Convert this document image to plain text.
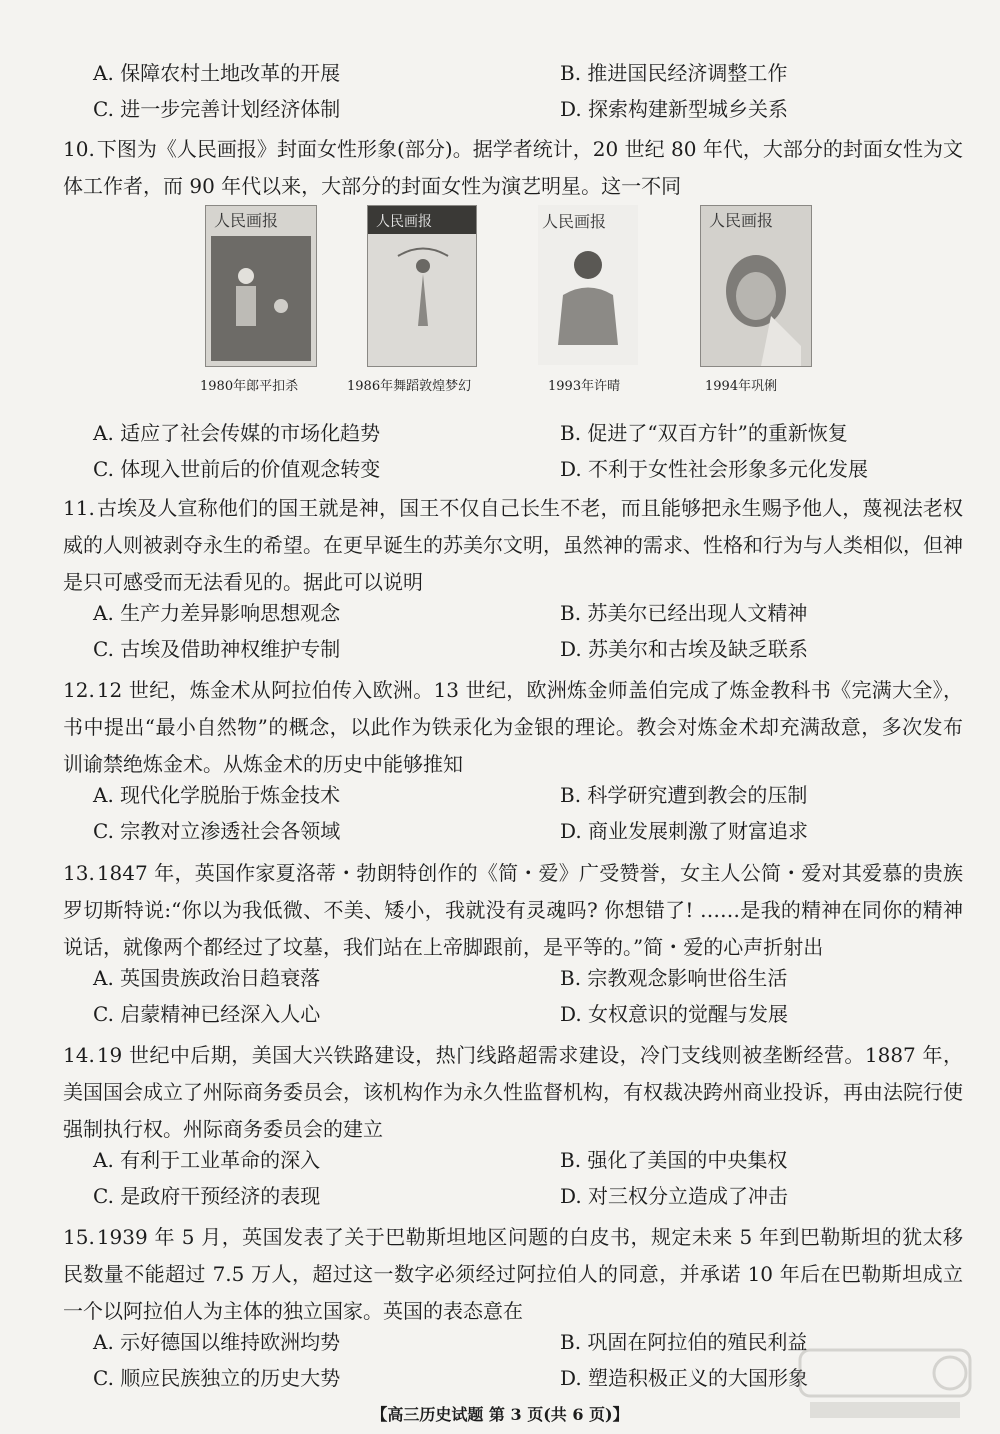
A. 保障农村土地改革的开展	B. 推进国民经济调整工作
C. 进一步完善计划经济体制	D. 探索构建新型城乡关系
10. 下图为《人民画报》封面女性形象(部分)。据学者统计，20 世纪 80 年代，大部分的封面女性为文体工作者，而 90 年代以来，大部分的封面女性为演艺明星。这一不同
人民画报
1980年郎平扣杀
人民画报
1986年舞蹈敦煌梦幻
人民画报
1993年许晴
人民画报
1994年巩俐
A. 适应了社会传媒的市场化趋势	B. 促进了“双百方针”的重新恢复
C. 体现入世前后的价值观念转变	D. 不利于女性社会形象多元化发展
11. 古埃及人宣称他们的国王就是神，国王不仅自己长生不老，而且能够把永生赐予他人，蔑视法老权威的人则被剥夺永生的希望。在更早诞生的苏美尔文明，虽然神的需求、性格和行为与人类相似，但神是只可感受而无法看见的。据此可以说明
A. 生产力差异影响思想观念	B. 苏美尔已经出现人文精神
C. 古埃及借助神权维护专制	D. 苏美尔和古埃及缺乏联系
12. 12 世纪，炼金术从阿拉伯传入欧洲。13 世纪，欧洲炼金师盖伯完成了炼金教科书《完满大全》，书中提出“最小自然物”的概念，以此作为铁汞化为金银的理论。教会对炼金术却充满敌意，多次发布训谕禁绝炼金术。从炼金术的历史中能够推知
A. 现代化学脱胎于炼金技术	B. 科学研究遭到教会的压制
C. 宗教对立渗透社会各领域	D. 商业发展刺激了财富追求
13. 1847 年，英国作家夏洛蒂・勃朗特创作的《简・爱》广受赞誉，女主人公简・爱对其爱慕的贵族罗切斯特说:“你以为我低微、不美、矮小，我就没有灵魂吗? 你想错了! ……是我的精神在同你的精神说话，就像两个都经过了坟墓，我们站在上帝脚跟前，是平等的。”简・爱的心声折射出
A. 英国贵族政治日趋衰落	B. 宗教观念影响世俗生活
C. 启蒙精神已经深入人心	D. 女权意识的觉醒与发展
14. 19 世纪中后期，美国大兴铁路建设，热门线路超需求建设，冷门支线则被垄断经营。1887 年，美国国会成立了州际商务委员会，该机构作为永久性监督机构，有权裁决跨州商业投诉，再由法院行使强制执行权。州际商务委员会的建立
A. 有利于工业革命的深入	B. 强化了美国的中央集权
C. 是政府干预经济的表现	D. 对三权分立造成了冲击
15. 1939 年 5 月，英国发表了关于巴勒斯坦地区问题的白皮书，规定未来 5 年到巴勒斯坦的犹太移民数量不能超过 7.5 万人，超过这一数字必须经过阿拉伯人的同意，并承诺 10 年后在巴勒斯坦成立一个以阿拉伯人为主体的独立国家。英国的表态意在
A. 示好德国以维持欧洲均势	B. 巩固在阿拉伯的殖民利益
C. 顺应民族独立的历史大势	D. 塑造积极正义的大国形象
【高三历史试题 第 3 页(共 6 页)】
